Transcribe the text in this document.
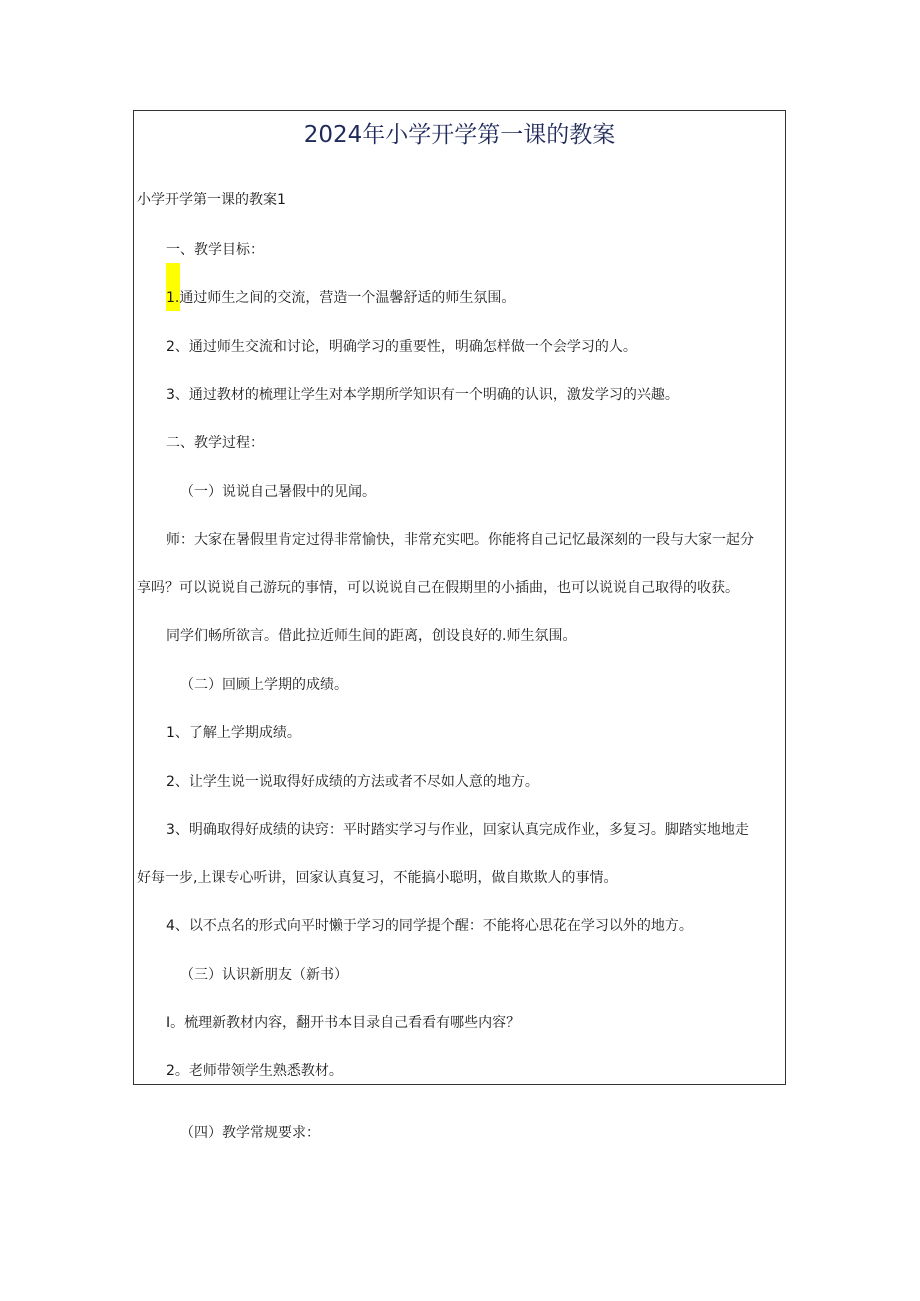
2024年小学开学第一课的教案
小学开学第一课的教案1
一、教学目标：
1.通过师生之间的交流，营造一个温馨舒适的师生氛围。
2、通过师生交流和讨论，明确学习的重要性，明确怎样做一个会学习的人。
3、通过教材的梳理让学生对本学期所学知识有一个明确的认识，激发学习的兴趣。
二、教学过程：
（一）说说自己暑假中的见闻。
师：大家在暑假里肯定过得非常愉快，非常充实吧。你能将自己记忆最深刻的一段与大家一起分
享吗？可以说说自己游玩的事情，可以说说自己在假期里的小插曲，也可以说说自己取得的收获。
同学们畅所欲言。借此拉近师生间的距离，创设良好的.师生氛围。
（二）回顾上学期的成绩。
1、了解上学期成绩。
2、让学生说一说取得好成绩的方法或者不尽如人意的地方。
3、明确取得好成绩的诀窍：平时踏实学习与作业，回家认真完成作业，多复习。脚踏实地地走
好每一步,上课专心听讲，回家认真复习，不能搞小聪明，做自欺欺人的事情。
4、以不点名的形式向平时懒于学习的同学提个醒：不能将心思花在学习以外的地方。
（三）认识新朋友（新书）
I。梳理新教材内容，翻开书本目录自己看看有哪些内容？
2。老师带领学生熟悉教材。
（四）教学常规要求：
